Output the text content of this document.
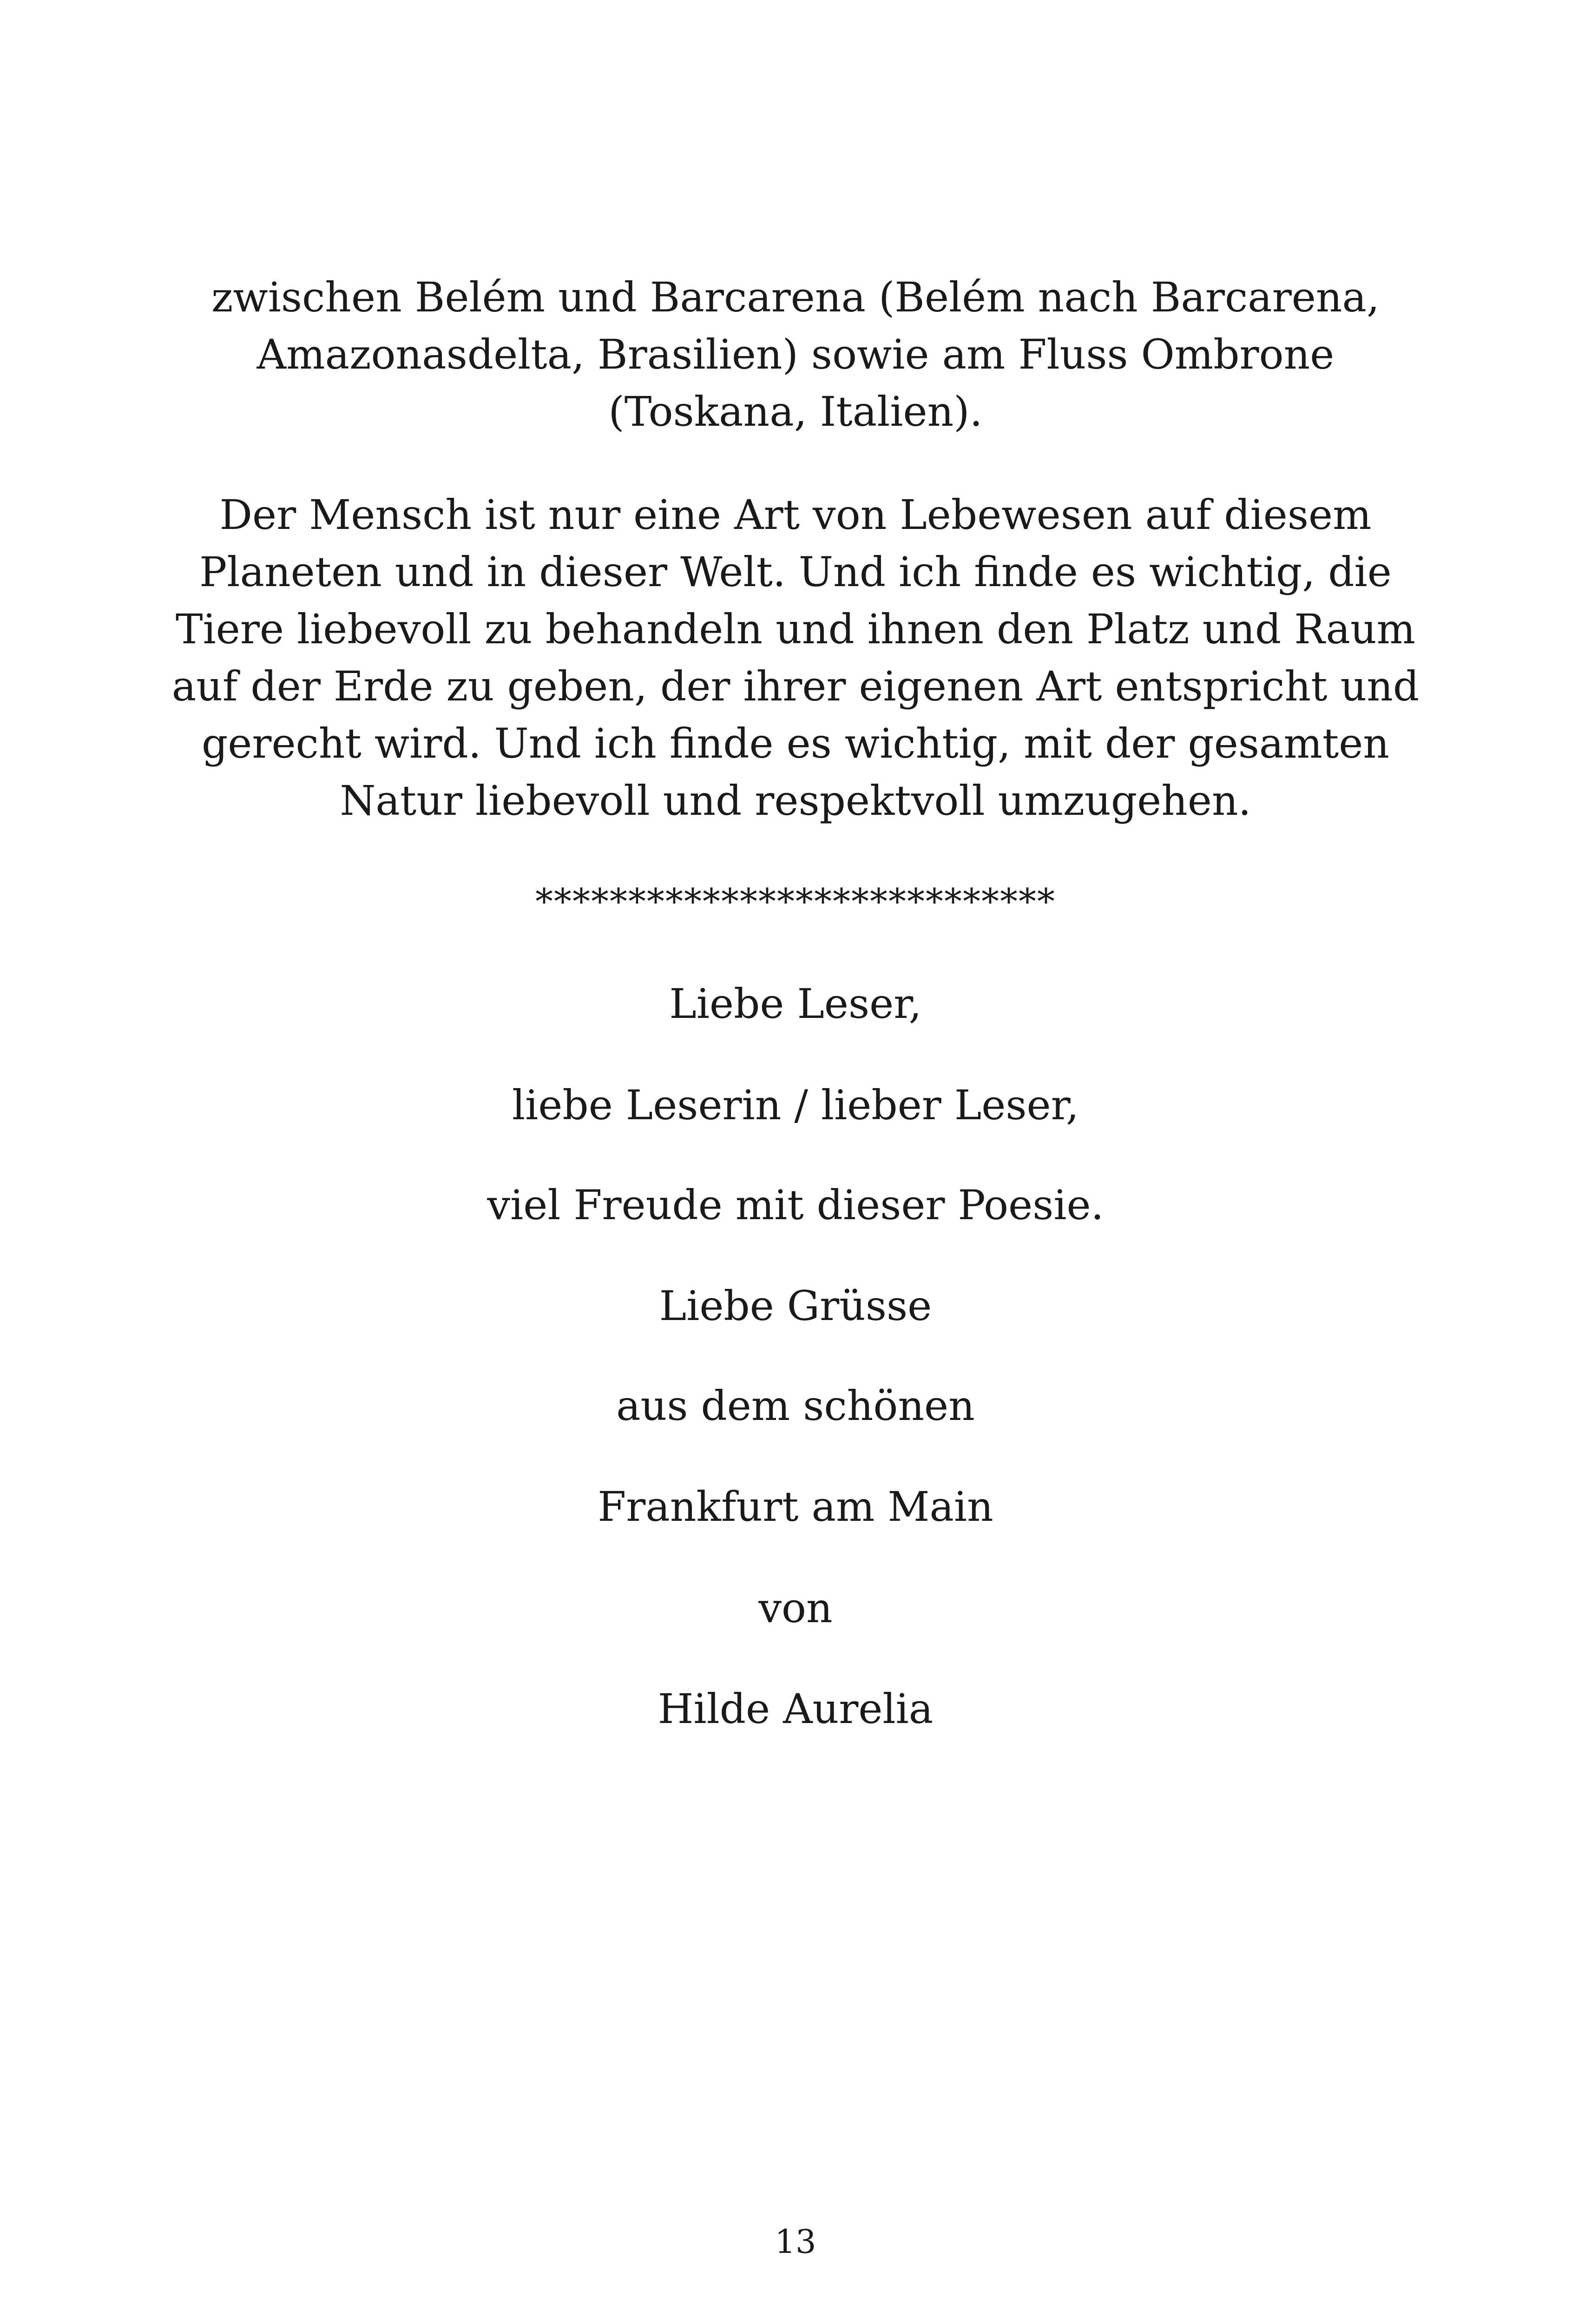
zwischen Belém und Barcarena (Belém nach Barcarena,
Amazonasdelta, Brasilien) sowie am Fluss Ombrone
(Toskana, Italien).

Der Mensch ist nur eine Art von Lebewesen auf diesem
Planeten und in dieser Welt. Und ich finde es wichtig, die
Tiere liebevoll zu behandeln und ihnen den Platz und Raum
auf der Erde zu geben, der ihrer eigenen Art entspricht und
gerecht wird. Und ich finde es wichtig, mit der gesamten
Natur liebevoll und respektvoll umzugehen.

****************************
Liebe Leser,
liebe Leserin / lieber Leser,
viel Freude mit dieser Poesie.
Liebe Grüsse
aus dem schönen
Frankfurt am Main
von
Hilde Aurelia
13
